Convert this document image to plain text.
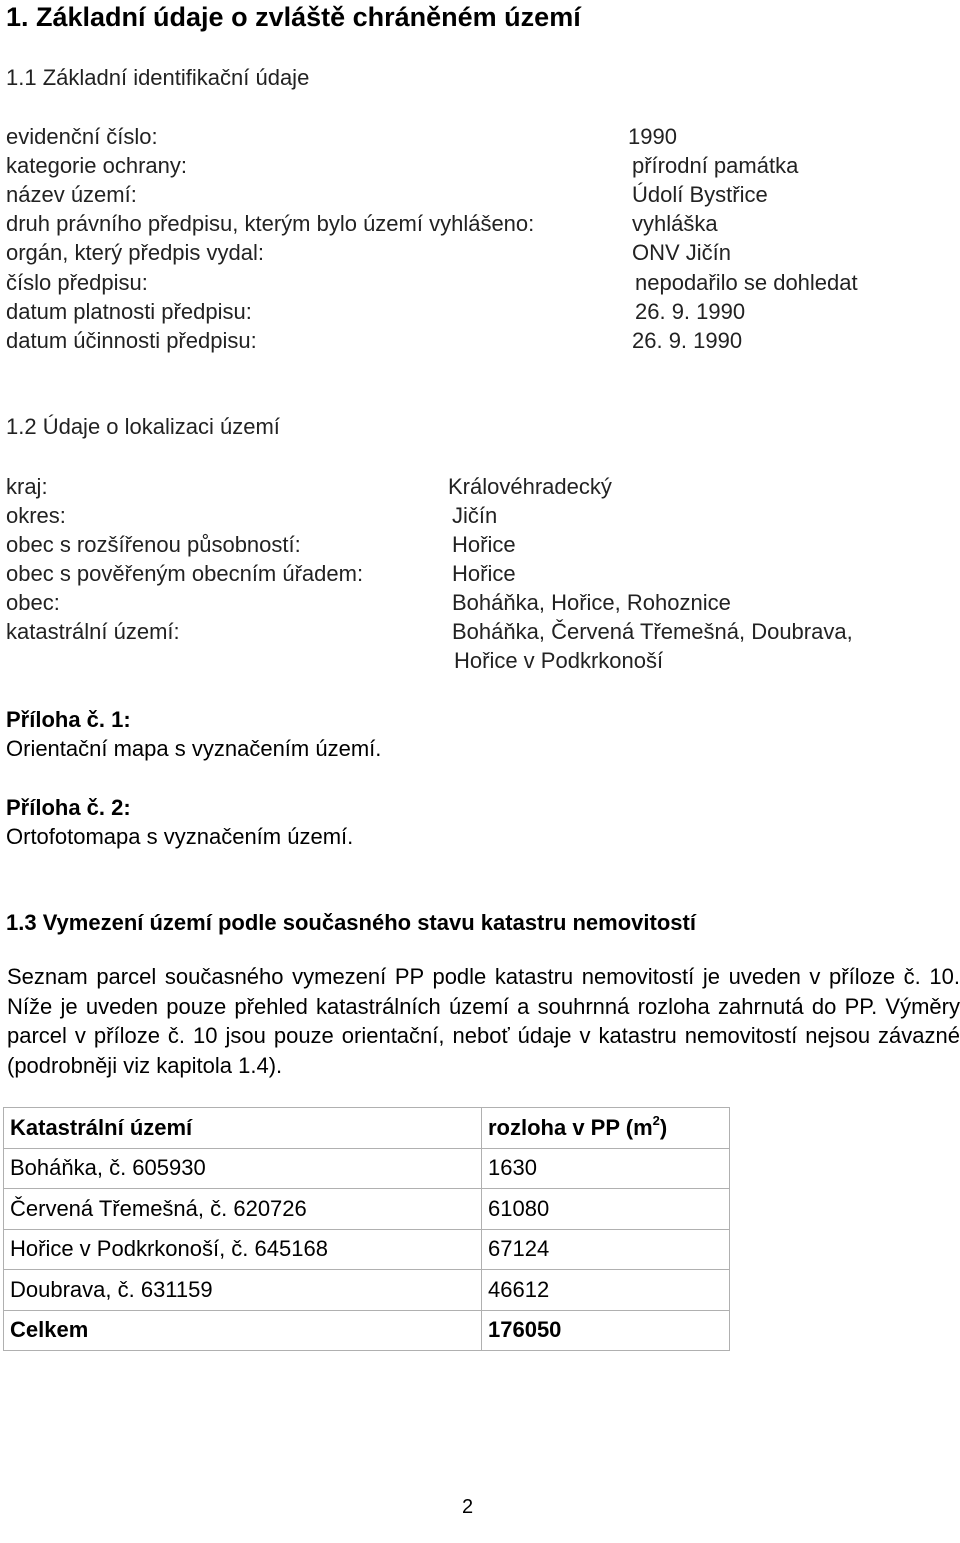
1. Základní údaje o zvláště chráněném území
1.1 Základní identifikační údaje
evidenční číslo:	1990
kategorie ochrany:	přírodní památka
název území:	Údolí Bystřice
druh právního předpisu, kterým bylo území vyhlášeno:	vyhláška
orgán, který předpis vydal:	ONV Jičín
číslo předpisu:	nepodařilo se dohledat
datum platnosti předpisu:	26. 9. 1990
datum účinnosti předpisu:	26. 9. 1990
1.2 Údaje o lokalizaci území
kraj:	Královéhradecký
okres:	Jičín
obec s rozšířenou působností:	Hořice
obec s pověřeným obecním úřadem:	Hořice
obec:	Boháňka, Hořice, Rohoznice
katastrální území:	Boháňka, Červená Třemešná, Doubrava,
Hořice v Podkrkonoší
Příloha č. 1:
Orientační mapa s vyznačením území.
Příloha č. 2:
Ortofotomapa s vyznačením území.
1.3 Vymezení území podle současného stavu katastru nemovitostí
Seznam parcel současného vymezení PP podle katastru nemovitostí je uveden v příloze č. 10. Níže je uveden pouze přehled katastrálních území a souhrnná rozloha zahrnutá do PP. Výměry parcel v příloze č. 10 jsou pouze orientační, neboť údaje v katastru nemovitostí nejsou závazné (podrobněji viz kapitola 1.4).
Katastrální území	rozloha v PP $(m^2)$
Boháňka, č. 605930	1630
Červená Třemešná, č. 620726	61080
Hořice v Podkrkonoší, č. 645168	67124
Doubrava, č. 631159	46612
Celkem	176050
2
